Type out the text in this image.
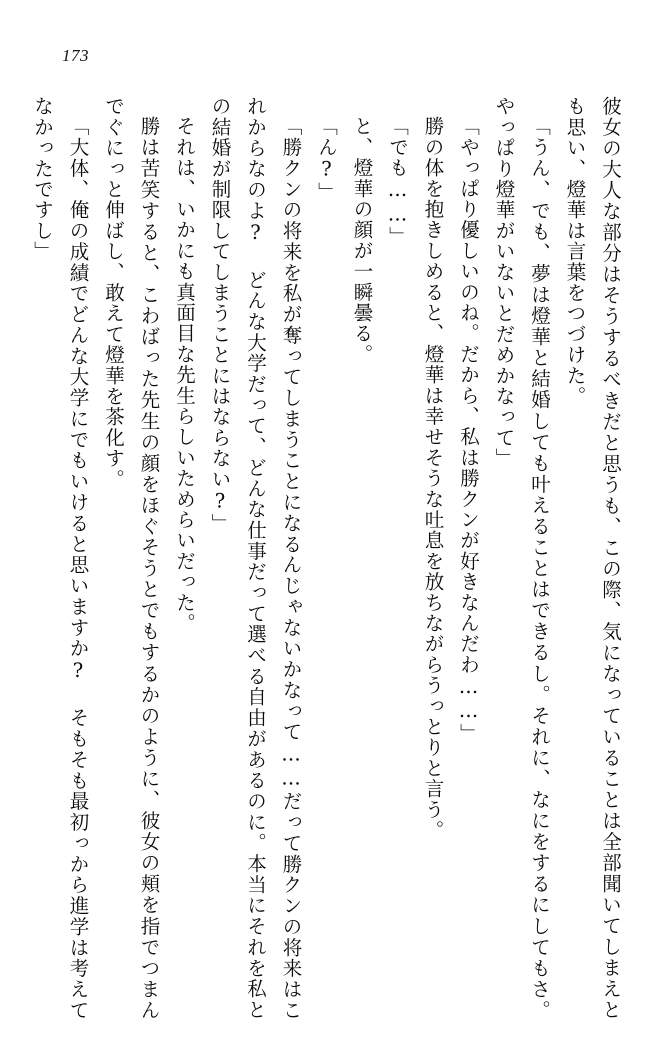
173

彼女の大人な部分はそうするべきだと思うも、この際、気になっていることは全部聞いてしまえとも思い、燈華は言葉をつづけた。

「うん、でも、夢は燈華と結婚しても叶えることはできるし。それに、なにをするにしてもさ。やっぱり燈華がいないとだめかなって」

「やっぱり優しいのね。だから、私は勝クンが好きなんだわ……」

勝の体を抱きしめると、燈華は幸せそうな吐息を放ちながらうっとりと言う。

「でも……」

と、燈華の顔が一瞬曇る。

「ん?」

「勝クンの将来を私が奪ってしまうことになるんじゃないかなって……だって勝クンの将来はこれからなのよ? どんな大学だって、どんな仕事だって選べる自由があるのに。本当にそれを私との結婚が制限してしまうことにはならない?」

それは、いかにも真面目な先生らしいためらいだった。

勝は苦笑すると、こわばった先生の顔をほぐそうとでもするかのように、彼女の頬を指でつまんでぐにっと伸ばし、敢えて燈華を茶化す。

「大体、俺の成績でどんな大学にでもいけると思いますか? そもそも最初っから進学は考えてなかったですし」
